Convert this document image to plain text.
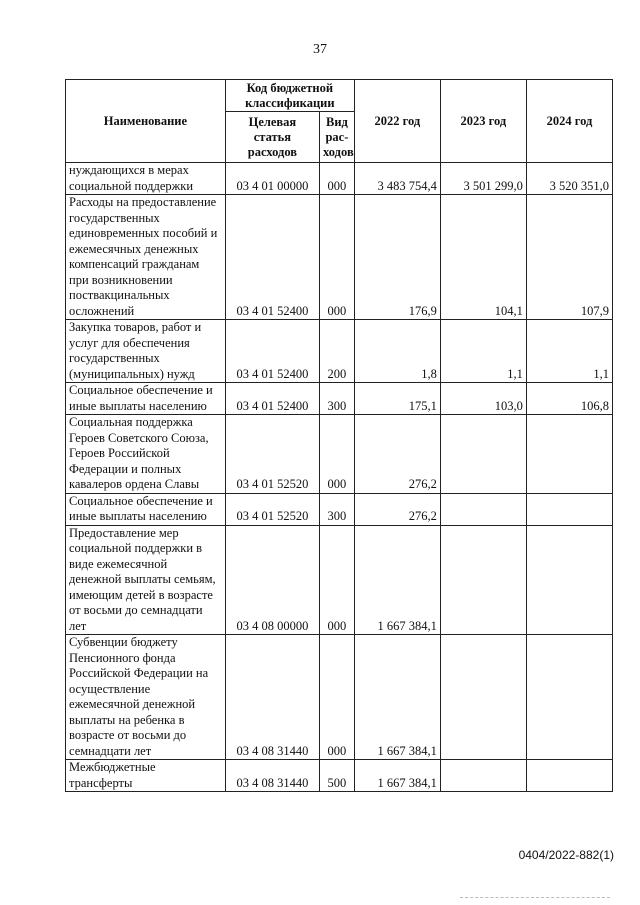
37
Наименование	Код бюджетной классификации		2022 год	2023 год	2024 год
	Целевая статья расходов	Вид рас-ходов			
нуждающихся в мерах социальной поддержки	03 4 01 00000	000	3 483 754,4	3 501 299,0	3 520 351,0
Расходы на предоставление государственных единовременных пособий и ежемесячных денежных компенсаций гражданам при возникновении поствакцинальных осложнений	03 4 01 52400	000	176,9	104,1	107,9
Закупка товаров, работ и услуг для обеспечения государственных (муниципальных) нужд	03 4 01 52400	200	1,8	1,1	1,1
Социальное обеспечение и иные выплаты населению	03 4 01 52400	300	175,1	103,0	106,8
Социальная поддержка Героев Советского Союза, Героев Российской Федерации и полных кавалеров ордена Славы	03 4 01 52520	000	276,2		
Социальное обеспечение и иные выплаты населению	03 4 01 52520	300	276,2		
Предоставление мер социальной поддержки в виде ежемесячной денежной выплаты семьям, имеющим детей в возрасте от восьми до семнадцати лет	03 4 08 00000	000	1 667 384,1		
Субвенции бюджету Пенсионного фонда Российской Федерации на осуществление ежемесячной денежной выплаты на ребенка в возрасте от восьми до семнадцати лет	03 4 08 31440	000	1 667 384,1		
Межбюджетные трансферты	03 4 08 31440	500	1 667 384,1		
0404/2022-882(1)
